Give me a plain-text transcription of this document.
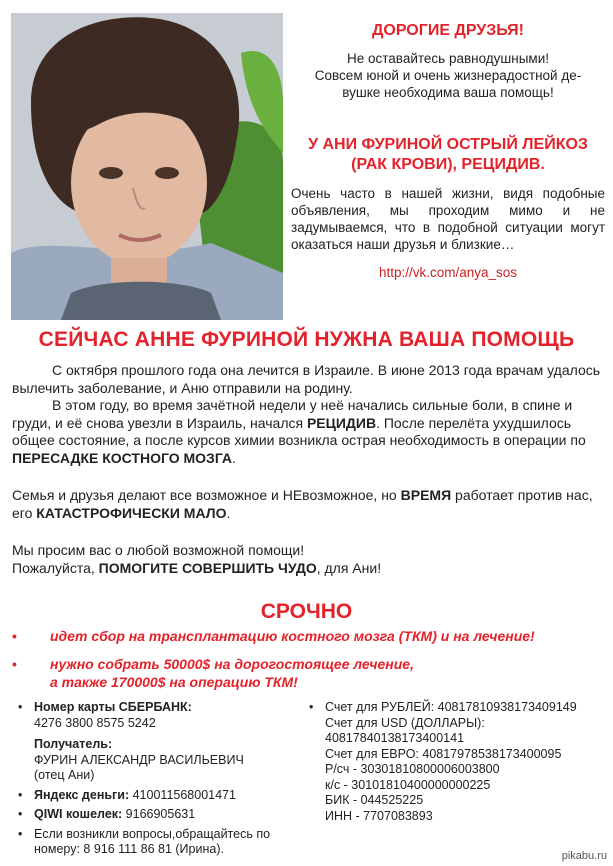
ДОРОГИЕ ДРУЗЬЯ!
Не оставайтесь равнодушными!
Совсем юной и очень жизнерадостной де-
вушке необходима ваша помощь!
У АНИ ФУРИНОЙ ОСТРЫЙ ЛЕЙКОЗ
(РАК КРОВИ), РЕЦИДИВ.

Очень часто в нашей жизни, видя подобные объявления, мы проходим мимо и не задумываемся, что в подобной ситуации могут оказаться наши друзья и близкие…

http://vk.com/anya_sos
СЕЙЧАС АННЕ ФУРИНОЙ НУЖНА ВАША ПОМОЩЬ

С октября прошлого года она лечится в Израиле. В июне 2013 года врачам удалось вылечить заболевание, и Аню отправили на родину.

В этом году, во время зачётной недели у неё начались сильные боли, в спине и груди, и её снова увезли в Израиль, начался РЕЦИДИВ. После перелёта ухудшилось общее состояние, а после курсов химии возникла острая необходимость в операции по ПЕРЕСАДКЕ КОСТНОГО МОЗГА.

Семья и друзья делают все возможное и НЕвозможное, но ВРЕМЯ работает против нас, его КАТАСТРОФИЧЕСКИ МАЛО.

Мы просим вас о любой возможной помощи!

Пожалуйста, ПОМОГИТЕ СОВЕРШИТЬ ЧУДО, для Ани!

СРОЧНО
• идет сбор на трансплантацию костного мозга (ТКМ) и на лечение!
• нужно собрать 50000$ на дорогостоящее лечение,
а также 170000$ на операцию ТКМ!
• Номер карты СБЕРБАНК:
4276 3800 8575 5242
Получатель:
ФУРИН АЛЕКСАНДР ВАСИЛЬЕВИЧ
(отец Ани)
• Яндекс деньги: 410011568001471
• QIWI кошелек: 9166905631
• Если возникли вопросы,обращайтесь по
номеру: 8 916 111 86 81 (Ирина).
• Счет для РУБЛЕЙ: 40817810938173409149
Счет для USD (ДОЛЛАРЫ):
40817840138173400141
Счет для ЕВРО: 40817978538173400095
Р/сч - 30301810800006003800
к/с - 30101810400000000225
БИК - 044525225
ИНН - 7707083893
pikabu.ru
